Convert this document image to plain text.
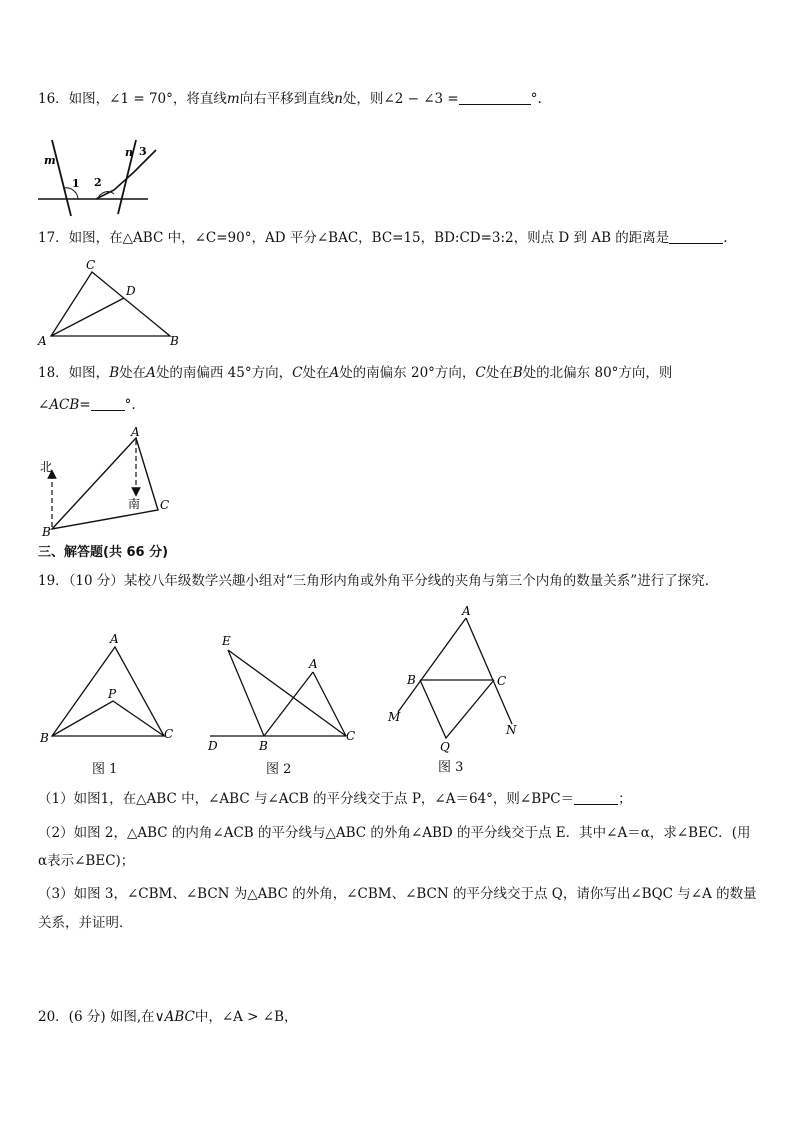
16．如图，∠1 = 70°，将直线m向右平移到直线n处，则∠2 − ∠3 =	°.
m
n 3
1 2
17．如图，在△ABC 中，∠C=90°，AD 平分∠BAC，BC=15，BD:CD=3:2，则点 D 到 AB 的距离是	.
C
D
A	B
18．如图，B处在A处的南偏西 45°方向，C处在A处的南偏东 20°方向，C处在B处的北偏东 80°方向，则
∠ACB=	°.
A
北
南 C
B
三、解答题(共 66 分)
19．（10 分）某校八年级数学兴趣小组对“三角形内角或外角平分线的夹角与第三个内角的数量关系”进行了探究．
A
P
B	C
图 1
E
A
D	B
C
图 2
A
B	C
M
N
Q
图 3
（1）如图1，在△ABC 中，∠ABC 与∠ACB 的平分线交于点 P，∠A＝64°，则∠BPC＝	；
（2）如图 2，△ABC 的内角∠ACB 的平分线与△ABC 的外角∠ABD 的平分线交于点 E．其中∠A＝α，求∠BEC．(用
α表示∠BEC)；
（3）如图 3，∠CBM、∠BCN 为△ABC 的外角，∠CBM、∠BCN 的平分线交于点 Q，请你写出∠BQC 与∠A 的数量
关系，并证明．
20．(6 分) 如图,在∨ABC中，∠A > ∠B，
